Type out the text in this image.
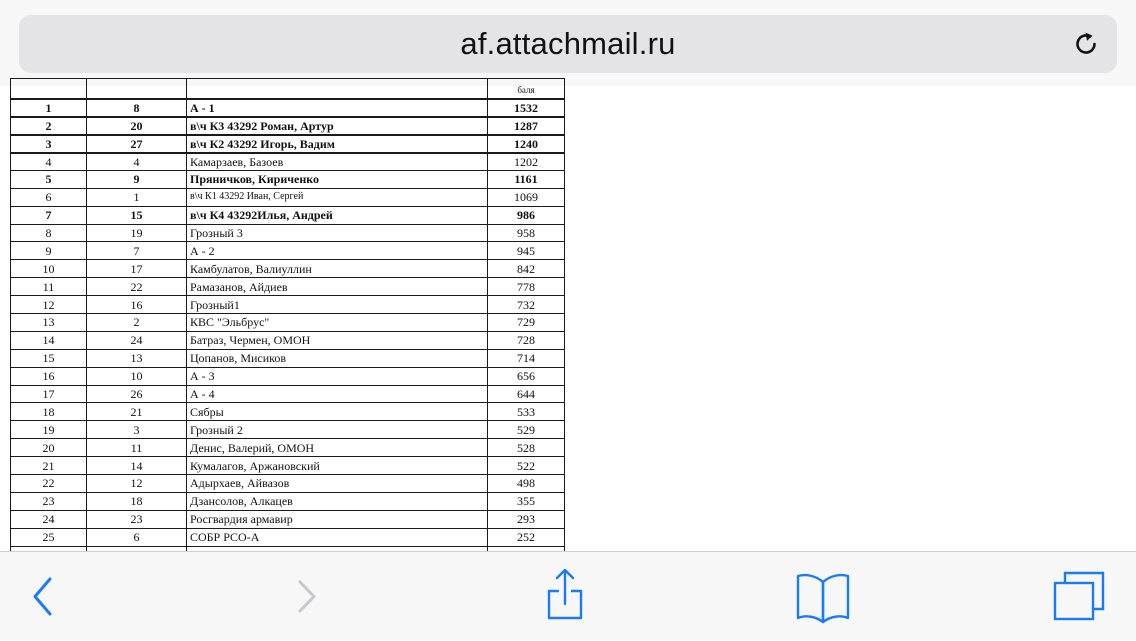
af.attachmail.ru
			баля
1	8	А - 1	1532
2	20	в\ч К3 43292 Роман, Артур	1287
3	27	в\ч К2 43292 Игорь, Вадим	1240
4	4	Камарзаев, Базоев	1202
5	9	Пряничков, Кириченко	1161
6	1	в\ч К1 43292 Иван, Сергей	1069
7	15	в\ч К4 43292Илья, Андрей	986
8	19	Грозный 3	958
9	7	А - 2	945
10	17	Камбулатов, Валиуллин	842
11	22	Рамазанов, Айдиев	778
12	16	Грозный1	732
13	2	КВС "Эльбрус"	729
14	24	Батраз, Чермен, ОМОН	728
15	13	Цопанов, Мисиков	714
16	10	А - 3	656
17	26	А - 4	644
18	21	Сябры	533
19	3	Грозный 2	529
20	11	Денис, Валерий, ОМОН	528
21	14	Кумалагов, Аржановский	522
22	12	Адырхаев, Айвазов	498
23	18	Дзансолов, Алкацев	355
24	23	Росгвардия армавир	293
25	6	СОБР РСО-А	252
